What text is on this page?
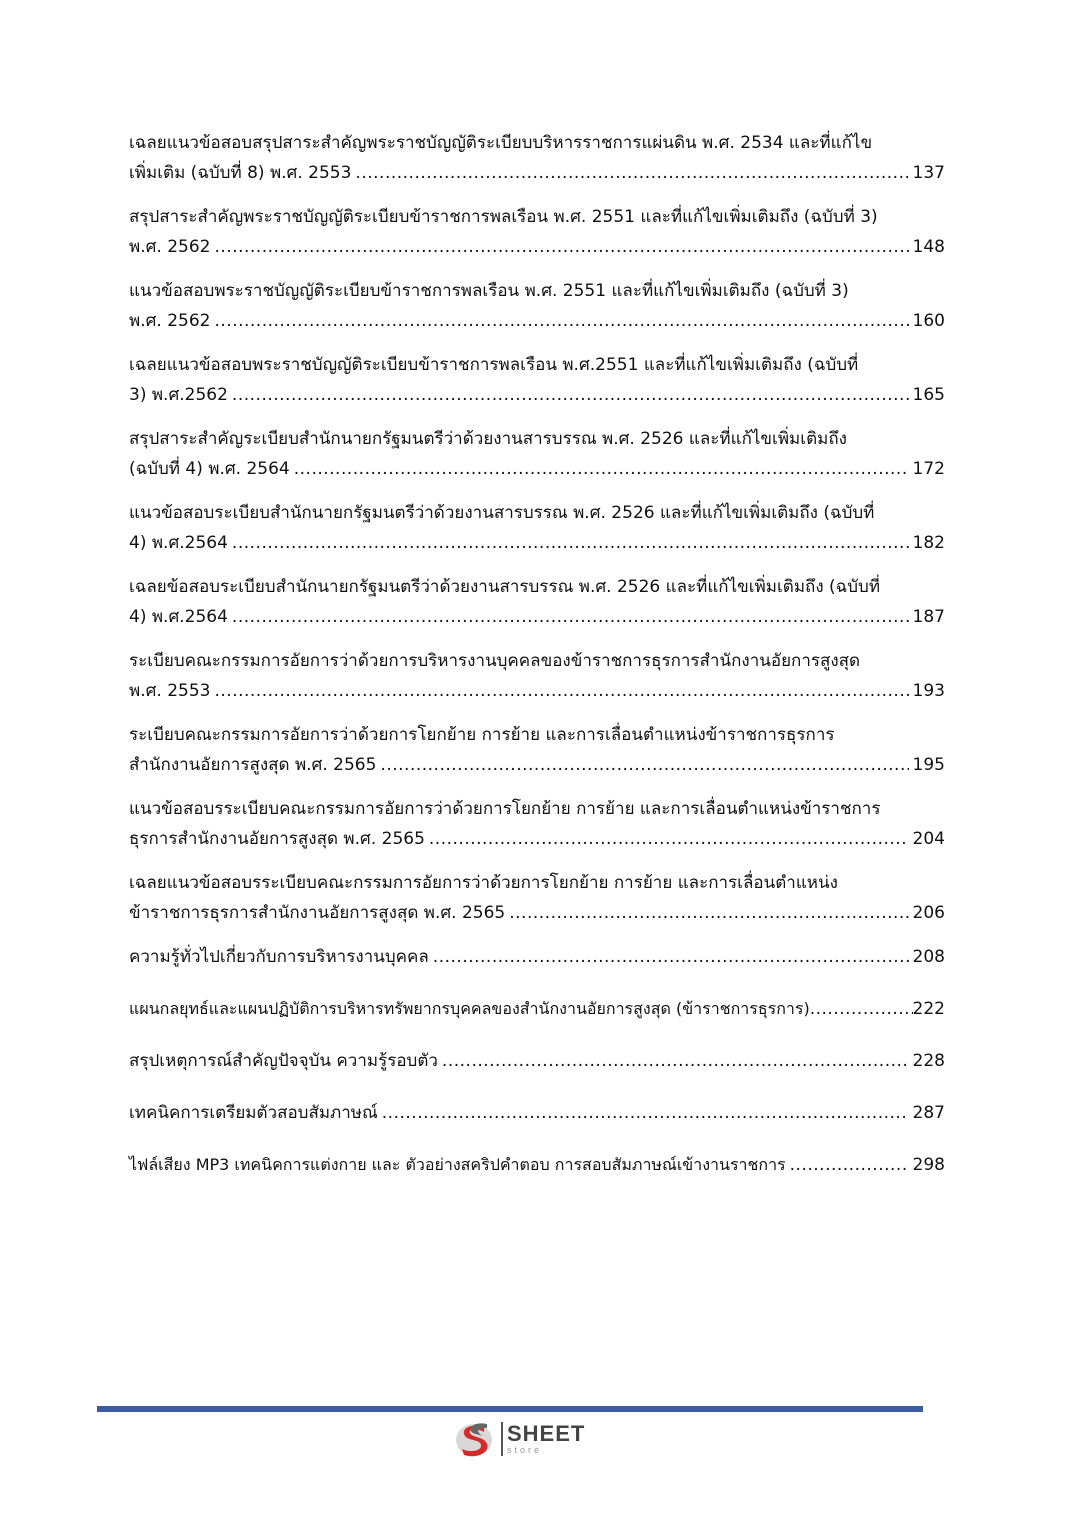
เฉลยแนวข้อสอบสรุปสาระสำคัญพระราชบัญญัติระเบียบบริหารราชการแผ่นดิน พ.ศ. 2534 และที่แก้ไข
เพิ่มเติม (ฉบับที่ 8) พ.ศ. 2553 .....	137
สรุปสาระสำคัญพระราชบัญญัติระเบียบข้าราชการพลเรือน พ.ศ. 2551 และที่แก้ไขเพิ่มเติมถึง (ฉบับที่ 3)
พ.ศ. 2562 .....	148
แนวข้อสอบพระราชบัญญัติระเบียบข้าราชการพลเรือน พ.ศ. 2551 และที่แก้ไขเพิ่มเติมถึง (ฉบับที่ 3)
พ.ศ. 2562 .....	160
เฉลยแนวข้อสอบพระราชบัญญัติระเบียบข้าราชการพลเรือน พ.ศ.2551 และที่แก้ไขเพิ่มเติมถึง (ฉบับที่
3) พ.ศ.2562 .....	165
สรุปสาระสำคัญระเบียบสำนักนายกรัฐมนตรีว่าด้วยงานสารบรรณ พ.ศ. 2526 และที่แก้ไขเพิ่มเติมถึง
(ฉบับที่ 4) พ.ศ. 2564 .....	172
แนวข้อสอบระเบียบสำนักนายกรัฐมนตรีว่าด้วยงานสารบรรณ พ.ศ. 2526 และที่แก้ไขเพิ่มเติมถึง (ฉบับที่
4) พ.ศ.2564 .....	182
เฉลยข้อสอบระเบียบสำนักนายกรัฐมนตรีว่าด้วยงานสารบรรณ พ.ศ. 2526 และที่แก้ไขเพิ่มเติมถึง (ฉบับที่
4) พ.ศ.2564 .....	187
ระเบียบคณะกรรมการอัยการว่าด้วยการบริหารงานบุคคลของข้าราชการธุรการสำนักงานอัยการสูงสุด
พ.ศ. 2553 .....	193
ระเบียบคณะกรรมการอัยการว่าด้วยการโยกย้าย การย้าย และการเลื่อนตำแหน่งข้าราชการธุรการ
สำนักงานอัยการสูงสุด พ.ศ. 2565 .....	195
แนวข้อสอบรระเบียบคณะกรรมการอัยการว่าด้วยการโยกย้าย การย้าย และการเลื่อนตำแหน่งข้าราชการ
ธุรการสำนักงานอัยการสูงสุด พ.ศ. 2565 .....	204
เฉลยแนวข้อสอบรระเบียบคณะกรรมการอัยการว่าด้วยการโยกย้าย การย้าย และการเลื่อนตำแหน่ง
ข้าราชการธุรการสำนักงานอัยการสูงสุด พ.ศ. 2565 .....	206
ความรู้ทั่วไปเกี่ยวกับการบริหารงานบุคคล .....	208
แผนกลยุทธ์และแผนปฏิบัติการบริหารทรัพยากรบุคคลของสำนักงานอัยการสูงสุด (ข้าราชการธุรการ) .....	222
สรุปเหตุการณ์สำคัญปัจจุบัน ความรู้รอบตัว .....	228
เทคนิคการเตรียมตัวสอบสัมภาษณ์ .....	287
ไฟล์เสียง MP3 เทคนิคการแต่งกาย และ ตัวอย่างสคริปคำตอบ การสอบสัมภาษณ์เข้างานราชการ .....	298
SHEET
store
